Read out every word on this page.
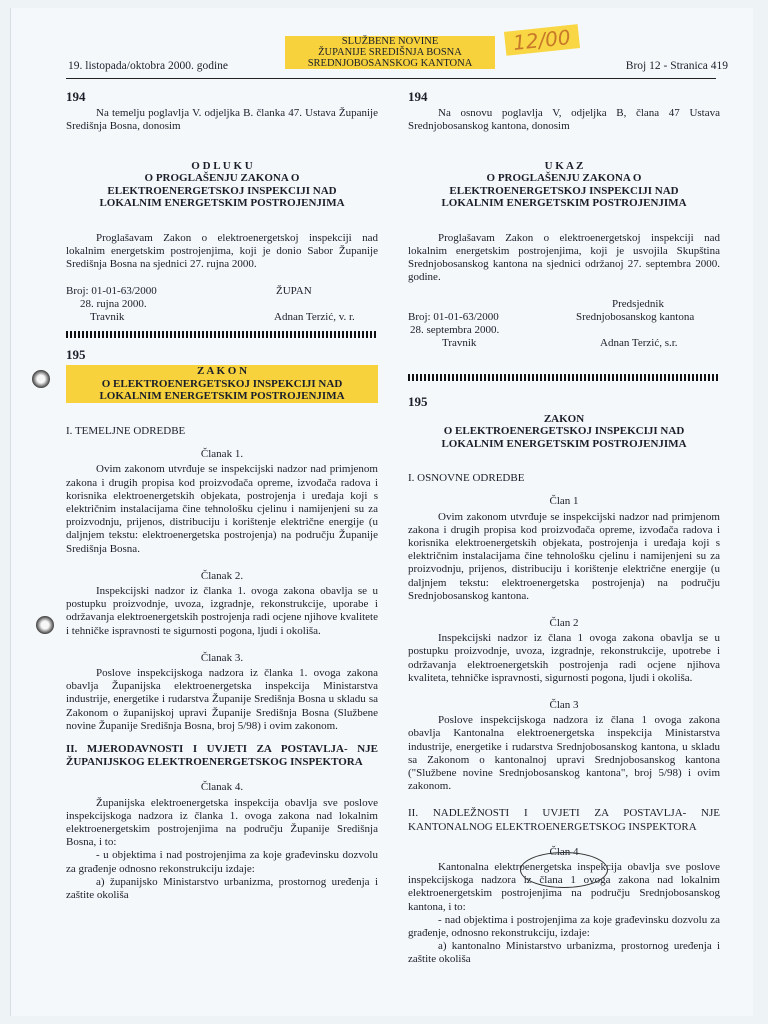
19. listopada/oktobra 2000. godine
SLUŽBENE NOVINE
ŽUPANIJE SREDIŠNJA BOSNA
SREDNJOBOSANSKOG KANTONA
12/00
Broj 12 - Stranica 419
194

Na temelju poglavlja V. odjeljka B. članka 47. Ustava Županije Središnja Bosna, donosim

O D L U K U
O PROGLAŠENJU ZAKONA O
ELEKTROENERGETSKOJ INSPEKCIJI NAD
LOKALNIM ENERGETSKIM POSTROJENJIMA

Proglašavam Zakon o elektroenergetskoj inspekciji nad lokalnim energetskim postrojenjima, koji je donio Sabor Županije Središnja Bosna na sjednici 27. rujna 2000.

Broj: 01-01-63/2000
28. rujna 2000.
Travnik
ŽUPAN
Adnan Terzić, v. r.
195
Z A K O N
O ELEKTROENERGETSKOJ INSPEKCIJI NAD
LOKALNIM ENERGETSKIM POSTROJENJIMA
I. TEMELJNE ODREDBE
Članak 1.

Ovim zakonom utvrđuje se inspekcijski nadzor nad primjenom zakona i drugih propisa kod proizvođača opreme, izvođača radova i korisnika elektroenergetskih objekata, postrojenja i uređaja koji s električnim instalacijama čine tehnološku cjelinu i namijenjeni su za proizvodnju, prijenos, distribuciju i korištenje električne energije (u daljnjem tekstu: elektroenergetska postrojenja) na području Županije Središnja Bosna.

Članak 2.

Inspekcijski nadzor iz članka 1. ovoga zakona obavlja se u postupku proizvodnje, uvoza, izgradnje, rekonstrukcije, uporabe i održavanja elektroenergetskih postrojenja radi ocjene njihove kvalitete i tehničke ispravnosti te sigurnosti pogona, ljudi i okoliša.

Članak 3.

Poslove inspekcijskoga nadzora iz članka 1. ovoga zakona obavlja Županijska elektroenergetska inspekcija Ministarstva industrije, energetike i rudarstva Županije Središnja Bosna u skladu sa Zakonom o županijskoj upravi Županije Središnja Bosna (Službene novine Županije Središnja Bosna, broj 5/98) i ovim zakonom.

II. MJERODAVNOSTI I UVJETI ZA POSTAVLJA- NJE ŽUPANIJSKOG ELEKTROENERGETSKOG INSPEKTORA

Članak 4.

Županijska elektroenergetska inspekcija obavlja sve poslove inspekcijskoga nadzora iz članka 1. ovoga zakona nad lokalnim elektroenergetskim postrojenjima na području Županije Središnja Bosna, i to:

- u objektima i nad postrojenjima za koje građevinsku dozvolu za građenje odnosno rekonstrukciju izdaje:

a) županijsko Ministarstvo urbanizma, prostornog uređenja i zaštite okoliša

194

Na osnovu poglavlja V, odjeljka B, člana 47 Ustava Srednjobosanskog kantona, donosim

U K A Z
O PROGLAŠENJU ZAKONA O
ELEKTROENERGETSKOJ INSPEKCIJI NAD
LOKALNIM ENERGETSKIM POSTROJENJIMA

Proglašavam Zakon o elektroenergetskoj inspekciji nad lokalnim energetskim postrojenjima, koji je usvojila Skupština Srednjobosanskog kantona na sjednici održanoj 27. septembra 2000. godine.

Predsjednik
Srednjobosanskog kantona
Broj: 01-01-63/2000
28. septembra 2000.
Travnik	Adnan Terzić, s.r.
195
ZAKON
O ELEKTROENERGETSKOJ INSPEKCIJI NAD
LOKALNIM ENERGETSKIM POSTROJENJIMA
I. OSNOVNE ODREDBE
Član 1

Ovim zakonom utvrđuje se inspekcijski nadzor nad primjenom zakona i drugih propisa kod proizvođača opreme, izvođača radova i korisnika elektroenergetskih objekata, postrojenja i uređaja koji s električnim instalacijama čine tehnološku cjelinu i namijenjeni su za proizvodnju, prijenos, distribuciju i korištenje električne energije (u daljnjem tekstu: elektroenergetska postrojenja) na području Srednjobosanskog kantona.

Član 2

Inspekcijski nadzor iz člana 1 ovoga zakona obavlja se u postupku proizvodnje, uvoza, izgradnje, rekonstrukcije, upotrebe i održavanja elektroenergetskih postrojenja radi ocjene njihova kvaliteta, tehničke ispravnosti, sigurnosti pogona, ljudi i okoliša.

Član 3

Poslove inspekcijskoga nadzora iz člana 1 ovoga zakona obavlja Kantonalna elektroenergetska inspekcija Ministarstva industrije, energetike i rudarstva Srednjobosanskog kantona, u skladu sa Zakonom o kantonalnoj upravi Srednjobosanskog kantona ("Službene novine Srednjobosanskog kantona", broj 5/98) i ovim zakonom.

II. NADLEŽNOSTI I UVJETI ZA POSTAVLJA- NJE KANTONALNOG ELEKTROENERGETSKOG INSPEKTORA

Član 4

Kantonalna elektroenergetska inspekcija obavlja sve poslove inspekcijskoga nadzora iz člana 1 ovoga zakona nad lokalnim elektroenergetskim postrojenjima na području Srednjobosanskog kantona, i to:

- nad objektima i postrojenjima za koje građevinsku dozvolu za građenje, odnosno rekonstrukciju, izdaje:

a) kantonalno Ministarstvo urbanizma, prostornog uređenja i zaštite okoliša
